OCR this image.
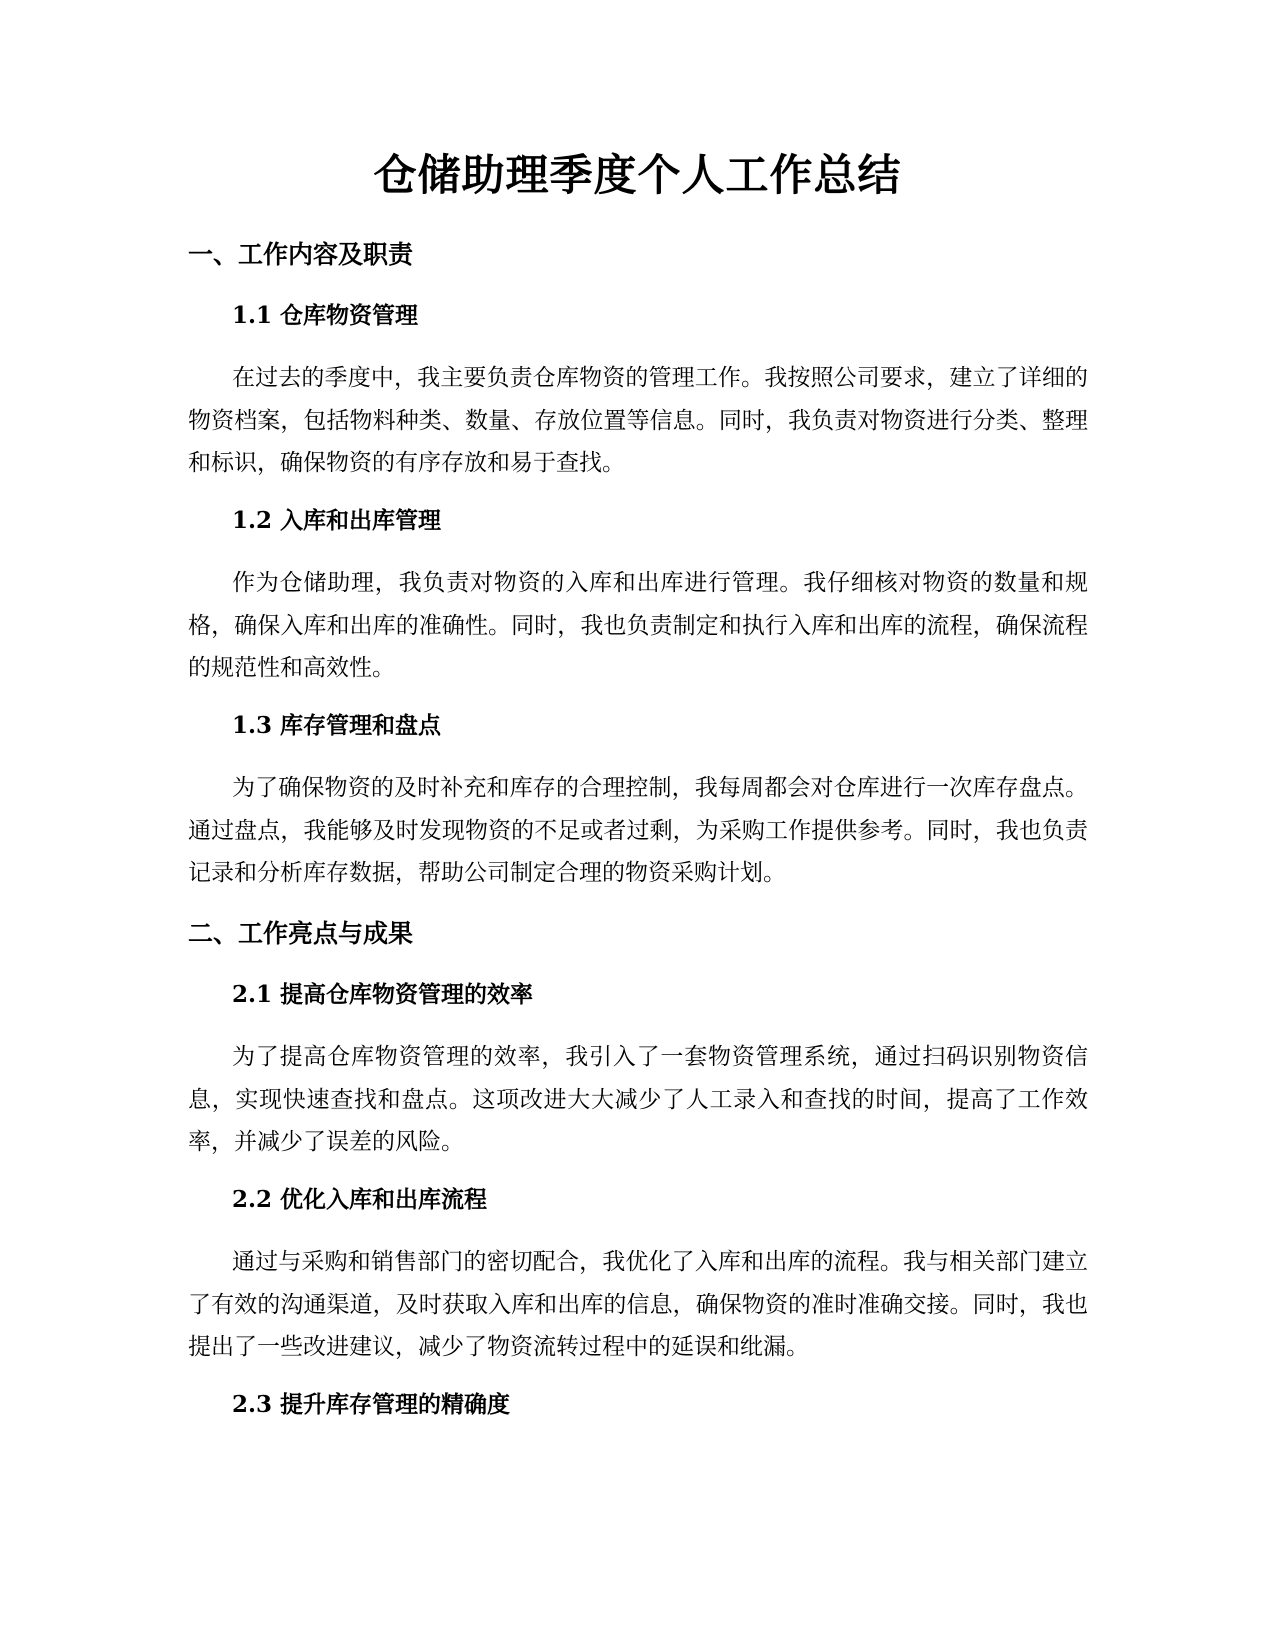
仓储助理季度个人工作总结
一、工作内容及职责
1.1 仓库物资管理

在过去的季度中，我主要负责仓库物资的管理工作。我按照公司要求，建立了详细的物资档案，包括物料种类、数量、存放位置等信息。同时，我负责对物资进行分类、整理和标识，确保物资的有序存放和易于查找。

1.2 入库和出库管理

作为仓储助理，我负责对物资的入库和出库进行管理。我仔细核对物资的数量和规格，确保入库和出库的准确性。同时，我也负责制定和执行入库和出库的流程，确保流程的规范性和高效性。

1.3 库存管理和盘点

为了确保物资的及时补充和库存的合理控制，我每周都会对仓库进行一次库存盘点。通过盘点，我能够及时发现物资的不足或者过剩，为采购工作提供参考。同时，我也负责记录和分析库存数据，帮助公司制定合理的物资采购计划。

二、工作亮点与成果
2.1 提高仓库物资管理的效率

为了提高仓库物资管理的效率，我引入了一套物资管理系统，通过扫码识别物资信息，实现快速查找和盘点。这项改进大大减少了人工录入和查找的时间，提高了工作效率，并减少了误差的风险。

2.2 优化入库和出库流程

通过与采购和销售部门的密切配合，我优化了入库和出库的流程。我与相关部门建立了有效的沟通渠道，及时获取入库和出库的信息，确保物资的准时准确交接。同时，我也提出了一些改进建议，减少了物资流转过程中的延误和纰漏。

2.3 提升库存管理的精确度
